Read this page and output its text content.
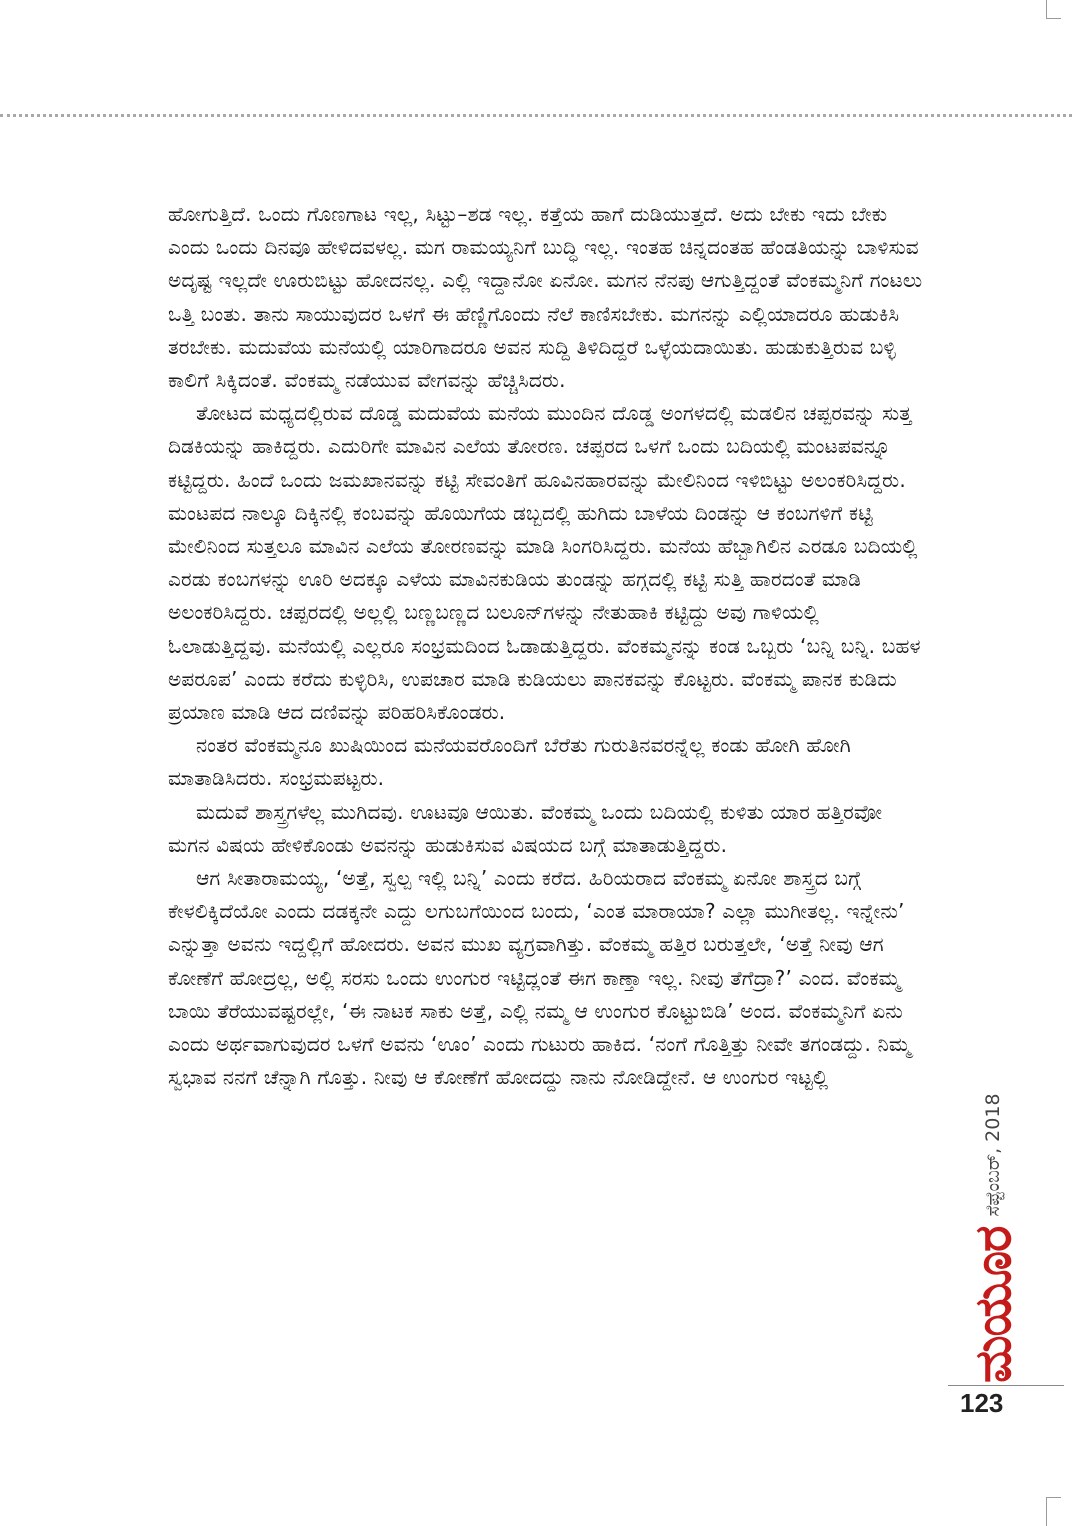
ಹೋಗುತ್ತಿದೆ. ಒಂದು ಗೊಣಗಾಟ ಇಲ್ಲ, ಸಿಟ್ಟು–ಶಡ ಇಲ್ಲ. ಕತ್ತೆಯ ಹಾಗೆ ದುಡಿಯುತ್ತದೆ. ಅದು ಬೇಕು ಇದು ಬೇಕು ಎಂದು ಒಂದು ದಿನವೂ ಹೇಳಿದವಳಲ್ಲ. ಮಗ ರಾಮಯ್ಯನಿಗೆ ಬುದ್ಧಿ ಇಲ್ಲ. ಇಂತಹ ಚಿನ್ನದಂತಹ ಹೆಂಡತಿಯನ್ನು ಬಾಳಿಸುವ ಅದೃಷ್ಟ ಇಲ್ಲದೇ ಊರುಬಿಟ್ಟು ಹೋದನಲ್ಲ. ಎಲ್ಲಿ ಇದ್ದಾನೋ ಏನೋ. ಮಗನ ನೆನಪು ಆಗುತ್ತಿದ್ದಂತೆ ವೆಂಕಮ್ಮನಿಗೆ ಗಂಟಲು ಒತ್ತಿ ಬಂತು. ತಾನು ಸಾಯುವುದರ ಒಳಗೆ ಈ ಹೆಣ್ಣಿಗೊಂದು ನೆಲೆ ಕಾಣಿಸಬೇಕು. ಮಗನನ್ನು ಎಲ್ಲಿಯಾದರೂ ಹುಡುಕಿಸಿ ತರಬೇಕು. ಮದುವೆಯ ಮನೆಯಲ್ಲಿ ಯಾರಿಗಾದರೂ ಅವನ ಸುದ್ದಿ ತಿಳಿದಿದ್ದರೆ ಒಳ್ಳೆಯದಾಯಿತು. ಹುಡುಕುತ್ತಿರುವ ಬಳ್ಳಿ ಕಾಲಿಗೆ ಸಿಕ್ಕಿದಂತೆ. ವೆಂಕಮ್ಮ ನಡೆಯುವ ವೇಗವನ್ನು ಹೆಚ್ಚಿಸಿದರು.

ತೋಟದ ಮಧ್ಯದಲ್ಲಿರುವ ದೊಡ್ಡ ಮದುವೆಯ ಮನೆಯ ಮುಂದಿನ ದೊಡ್ಡ ಅಂಗಳದಲ್ಲಿ ಮಡಲಿನ ಚಪ್ಪರವನ್ನು ಸುತ್ತ ದಿಡಕಿಯನ್ನು ಹಾಕಿದ್ದರು. ಎದುರಿಗೇ ಮಾವಿನ ಎಲೆಯ ತೋರಣ. ಚಪ್ಪರದ ಒಳಗೆ ಒಂದು ಬದಿಯಲ್ಲಿ ಮಂಟಪವನ್ನೂ ಕಟ್ಟಿದ್ದರು. ಹಿಂದೆ ಒಂದು ಜಮಖಾನವನ್ನು ಕಟ್ಟಿ ಸೇವಂತಿಗೆ ಹೂವಿನಹಾರವನ್ನು ಮೇಲಿನಿಂದ ಇಳಿಬಿಟ್ಟು ಅಲಂಕರಿಸಿದ್ದರು. ಮಂಟಪದ ನಾಲ್ಕೂ ದಿಕ್ಕಿನಲ್ಲಿ ಕಂಬವನ್ನು ಹೊಯಿಗೆಯ ಡಬ್ಬದಲ್ಲಿ ಹುಗಿದು ಬಾಳೆಯ ದಿಂಡನ್ನು ಆ ಕಂಬಗಳಿಗೆ ಕಟ್ಟಿ ಮೇಲಿನಿಂದ ಸುತ್ತಲೂ ಮಾವಿನ ಎಲೆಯ ತೋರಣವನ್ನು ಮಾಡಿ ಸಿಂಗರಿಸಿದ್ದರು. ಮನೆಯ ಹೆಬ್ಬಾಗಿಲಿನ ಎರಡೂ ಬದಿಯಲ್ಲಿ ಎರಡು ಕಂಬಗಳನ್ನು ಊರಿ ಅದಕ್ಕೂ ಎಳೆಯ ಮಾವಿನಕುಡಿಯ ತುಂಡನ್ನು ಹಗ್ಗದಲ್ಲಿ ಕಟ್ಟಿ ಸುತ್ತಿ ಹಾರದಂತೆ ಮಾಡಿ ಅಲಂಕರಿಸಿದ್ದರು. ಚಪ್ಪರದಲ್ಲಿ ಅಲ್ಲಲ್ಲಿ ಬಣ್ಣಬಣ್ಣದ ಬಲೂನ್‌ಗಳನ್ನು ನೇತುಹಾಕಿ ಕಟ್ಟಿದ್ದು ಅವು ಗಾಳಿಯಲ್ಲಿ ಓಲಾಡುತ್ತಿದ್ದವು. ಮನೆಯಲ್ಲಿ ಎಲ್ಲರೂ ಸಂಭ್ರಮದಿಂದ ಓಡಾಡುತ್ತಿದ್ದರು. ವೆಂಕಮ್ಮನನ್ನು ಕಂಡ ಒಬ್ಬರು ‘ಬನ್ನಿ ಬನ್ನಿ. ಬಹಳ ಅಪರೂಪ’ ಎಂದು ಕರೆದು ಕುಳ್ಳಿರಿಸಿ, ಉಪಚಾರ ಮಾಡಿ ಕುಡಿಯಲು ಪಾನಕವನ್ನು ಕೊಟ್ಟರು. ವೆಂಕಮ್ಮ ಪಾನಕ ಕುಡಿದು ಪ್ರಯಾಣ ಮಾಡಿ ಆದ ದಣಿವನ್ನು ಪರಿಹರಿಸಿಕೊಂಡರು.

ನಂತರ ವೆಂಕಮ್ಮನೂ ಖುಷಿಯಿಂದ ಮನೆಯವರೊಂದಿಗೆ ಬೆರೆತು ಗುರುತಿನವರನ್ನೆಲ್ಲ ಕಂಡು ಹೋಗಿ ಹೋಗಿ ಮಾತಾಡಿಸಿದರು. ಸಂಭ್ರಮಪಟ್ಟರು.

ಮದುವೆ ಶಾಸ್ತ್ರಗಳೆಲ್ಲ ಮುಗಿದವು. ಊಟವೂ ಆಯಿತು. ವೆಂಕಮ್ಮ ಒಂದು ಬದಿಯಲ್ಲಿ ಕುಳಿತು ಯಾರ ಹತ್ತಿರವೋ ಮಗನ ವಿಷಯ ಹೇಳಿಕೊಂಡು ಅವನನ್ನು ಹುಡುಕಿಸುವ ವಿಷಯದ ಬಗ್ಗೆ ಮಾತಾಡುತ್ತಿದ್ದರು.

ಆಗ ಸೀತಾರಾಮಯ್ಯ, ‘ಅತ್ತೆ, ಸ್ವಲ್ಪ ಇಲ್ಲಿ ಬನ್ನಿ’ ಎಂದು ಕರೆದ. ಹಿರಿಯರಾದ ವೆಂಕಮ್ಮ ಏನೋ ಶಾಸ್ತ್ರದ ಬಗ್ಗೆ ಕೇಳಲಿಕ್ಕಿದೆಯೋ ಎಂದು ದಡಕ್ಕನೇ ಎದ್ದು ಲಗುಬಗೆಯಿಂದ ಬಂದು, ‘ಎಂತ ಮಾರಾಯಾ? ಎಲ್ಲಾ ಮುಗೀತಲ್ಲ. ಇನ್ನೇನು’ ಎನ್ನುತ್ತಾ ಅವನು ಇದ್ದಲ್ಲಿಗೆ ಹೋದರು. ಅವನ ಮುಖ ವ್ಯಗ್ರವಾಗಿತ್ತು. ವೆಂಕಮ್ಮ ಹತ್ತಿರ ಬರುತ್ತಲೇ, ‘ಅತ್ತೆ ನೀವು ಆಗ ಕೋಣೆಗೆ ಹೋದ್ರಲ್ಲ, ಅಲ್ಲಿ ಸರಸು ಒಂದು ಉಂಗುರ ಇಟ್ಟಿದ್ಲಂತೆ ಈಗ ಕಾಣ್ತಾ ಇಲ್ಲ. ನೀವು ತೆಗೆದ್ರಾ?’ ಎಂದ. ವೆಂಕಮ್ಮ ಬಾಯಿ ತೆರೆಯುವಷ್ಟರಲ್ಲೇ, ‘ಈ ನಾಟಕ ಸಾಕು ಅತ್ತೆ, ಎಲ್ಲಿ ನಮ್ಮ ಆ ಉಂಗುರ ಕೊಟ್ಟುಬಿಡಿ’ ಅಂದ. ವೆಂಕಮ್ಮನಿಗೆ ಏನು ಎಂದು ಅರ್ಥವಾಗುವುದರ ಒಳಗೆ ಅವನು ‘ಊಂ’ ಎಂದು ಗುಟುರು ಹಾಕಿದ. ‘ನಂಗೆ ಗೊತ್ತಿತ್ತು ನೀವೇ ತಗಂಡದ್ದು. ನಿಮ್ಮ ಸ್ವಭಾವ ನನಗೆ ಚೆನ್ನಾಗಿ ಗೊತ್ತು. ನೀವು ಆ ಕೋಣೆಗೆ ಹೋದದ್ದು ನಾನು ನೋಡಿದ್ದೇನೆ. ಆ ಉಂಗುರ ಇಟ್ಟಲ್ಲಿ

ಮಯೂರ
ಸೆಪ್ಟೆಂಬರ್, 2018
123
